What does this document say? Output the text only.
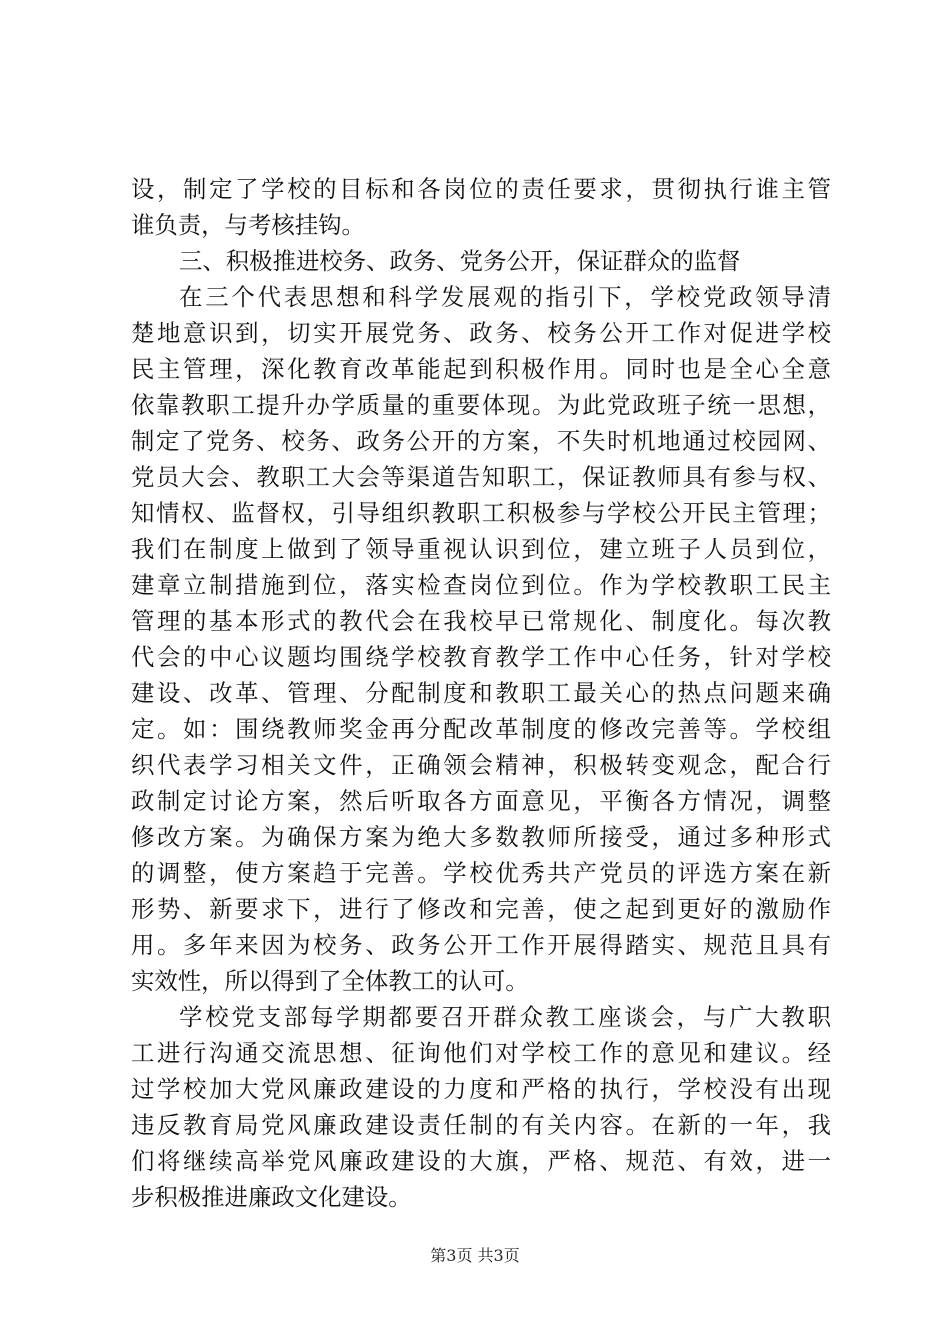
设，制定了学校的目标和各岗位的责任要求，贯彻执行谁主管
谁负责，与考核挂钩。
三、积极推进校务、政务、党务公开，保证群众的监督
在三个代表思想和科学发展观的指引下，学校党政领导清
楚地意识到，切实开展党务、政务、校务公开工作对促进学校
民主管理，深化教育改革能起到积极作用。同时也是全心全意
依靠教职工提升办学质量的重要体现。为此党政班子统一思想，
制定了党务、校务、政务公开的方案，不失时机地通过校园网、
党员大会、教职工大会等渠道告知职工，保证教师具有参与权、
知情权、监督权，引导组织教职工积极参与学校公开民主管理；
我们在制度上做到了领导重视认识到位，建立班子人员到位，
建章立制措施到位，落实检查岗位到位。作为学校教职工民主
管理的基本形式的教代会在我校早已常规化、制度化。每次教
代会的中心议题均围绕学校教育教学工作中心任务，针对学校
建设、改革、管理、分配制度和教职工最关心的热点问题来确
定。如：围绕教师奖金再分配改革制度的修改完善等。学校组
织代表学习相关文件，正确领会精神，积极转变观念，配合行
政制定讨论方案，然后听取各方面意见，平衡各方情况，调整
修改方案。为确保方案为绝大多数教师所接受，通过多种形式
的调整，使方案趋于完善。学校优秀共产党员的评选方案在新
形势、新要求下，进行了修改和完善，使之起到更好的激励作
用。多年来因为校务、政务公开工作开展得踏实、规范且具有
实效性，所以得到了全体教工的认可。
学校党支部每学期都要召开群众教工座谈会，与广大教职
工进行沟通交流思想、征询他们对学校工作的意见和建议。经
过学校加大党风廉政建设的力度和严格的执行，学校没有出现
违反教育局党风廉政建设责任制的有关内容。在新的一年，我
们将继续高举党风廉政建设的大旗，严格、规范、有效，进一
步积极推进廉政文化建设。
第3页 共3页
